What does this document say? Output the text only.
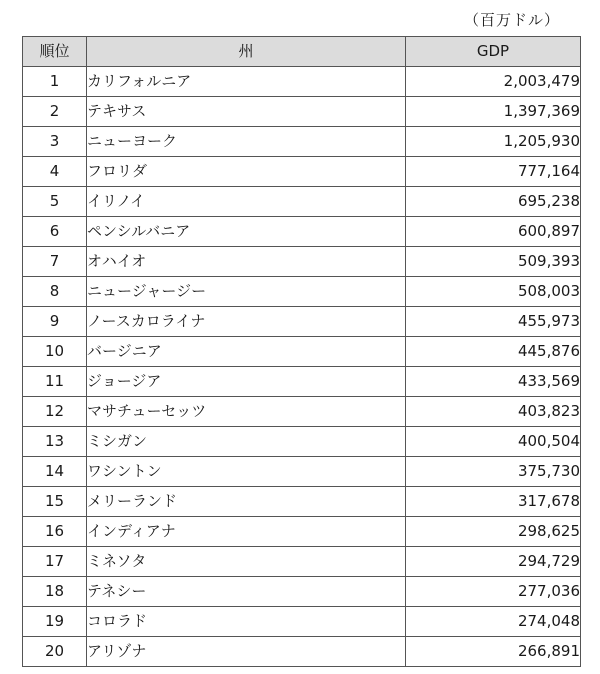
（百万ドル）
順位	州	GDP
1	カリフォルニア	2,003,479
2	テキサス	1,397,369
3	ニューヨーク	1,205,930
4	フロリダ	777,164
5	イリノイ	695,238
6	ペンシルバニア	600,897
7	オハイオ	509,393
8	ニュージャージー	508,003
9	ノースカロライナ	455,973
10	バージニア	445,876
11	ジョージア	433,569
12	マサチューセッツ	403,823
13	ミシガン	400,504
14	ワシントン	375,730
15	メリーランド	317,678
16	インディアナ	298,625
17	ミネソタ	294,729
18	テネシー	277,036
19	コロラド	274,048
20	アリゾナ	266,891
